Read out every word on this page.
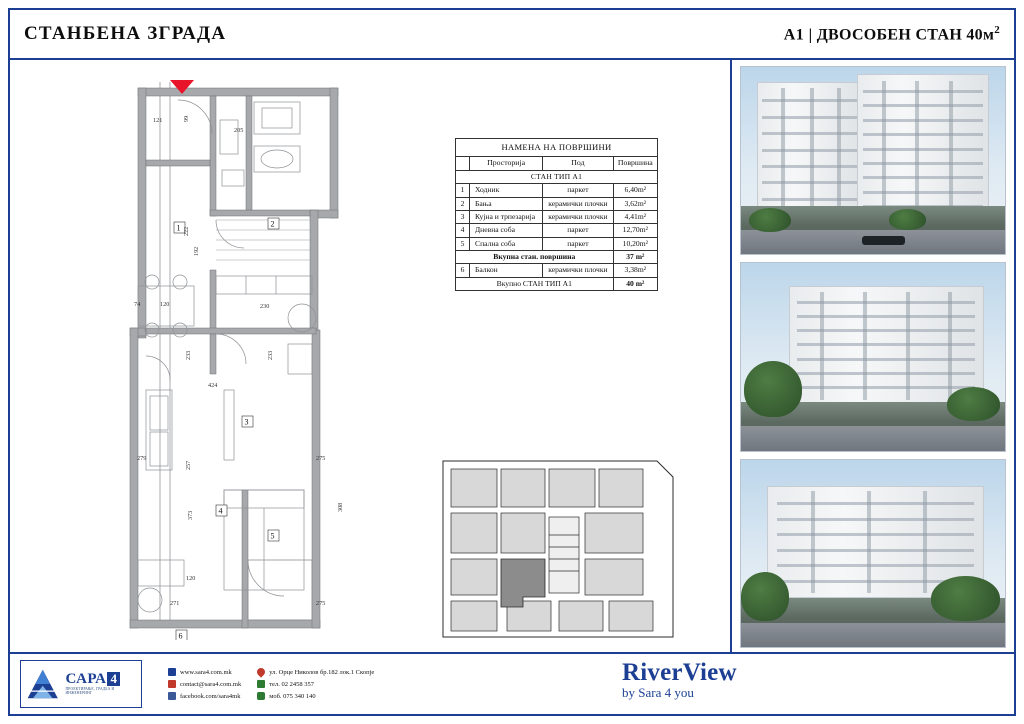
СТАНБЕНА ЗГРАДА	A1 | ДВОСОБЕН СТАН $40м^2$
1	2
3
4
5
6
121	99
205
222
192
74	120	230
233	233
424
279
257
275
373
308
120
271	275
НАМЕНА НА ПОВРШИНИ			
	Просторија	Под	Површина
СТАН ТИП А1			
1	Ходник	паркет	6,40m²
2	Бања	керамички плочки	3,62m²
3	Кујна и трпезарија	керамички плочки	4,41m²
4	Дневна соба	паркет	12,70m²
5	Спална соба	паркет	10,20m²
Вкупна стан. површина			37 m²
6	Балкон	керамички плочки	3,38m²
Вкупно СТАН ТИП А1			40 m²
САРА 4
ПРОЕКТИРАЊЕ, ГРАДБА И ИНЖЕНЕРИНГ
www.sara4.com.mk
contact@sara4.com.mk
facebook.com/sara4mk
ул. Орце Николов бр.182 лок.1 Скопје
тел. 02 2458 357
моб. 075 340 140
RiverView
by Sara 4 you
